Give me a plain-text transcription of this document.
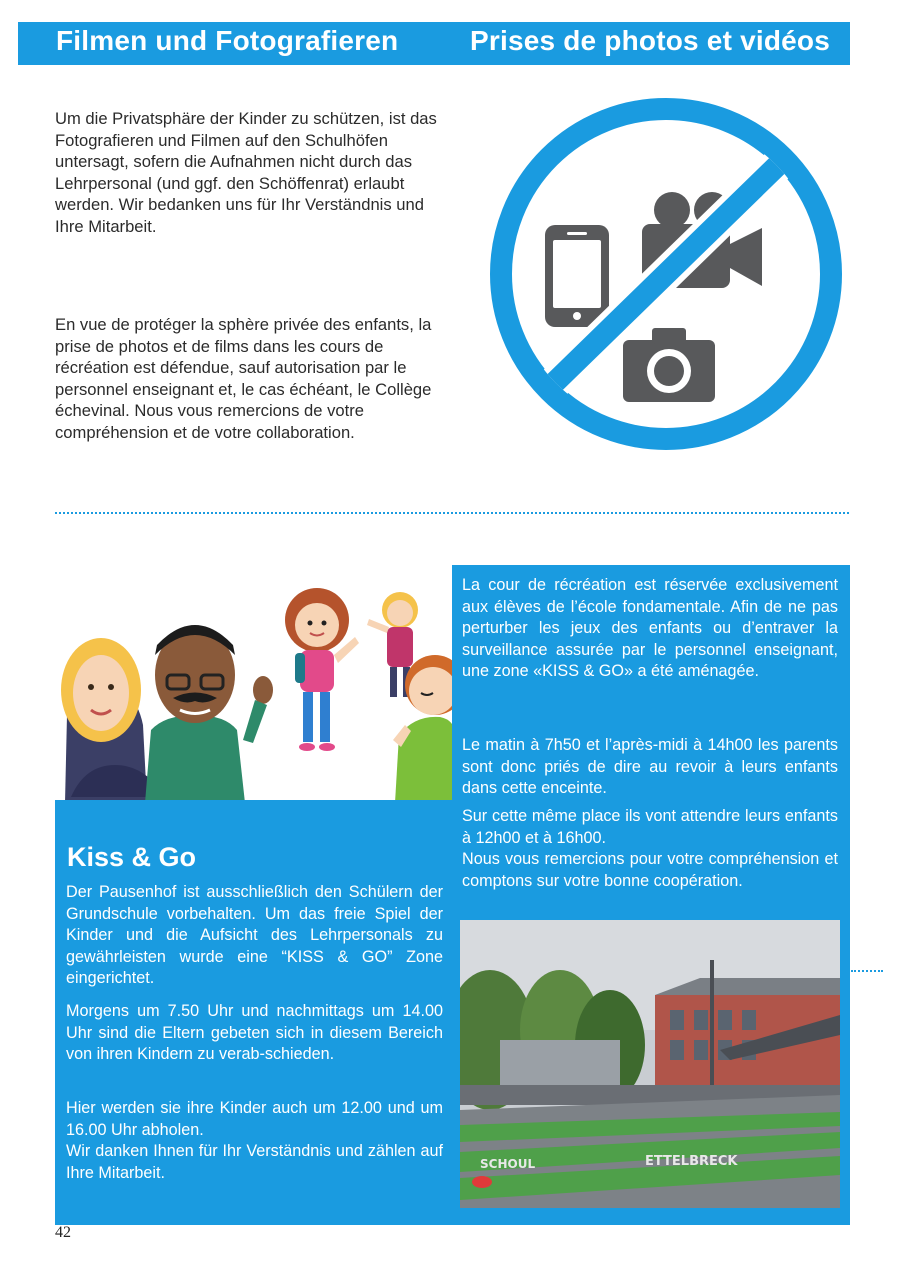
Filmen und Fotografieren	Prises de photos et vidéos

Um die Privatsphäre der Kinder zu schützen, ist das Fotografieren und Filmen auf den Schulhöfen untersagt, sofern die Aufnahmen nicht durch das Lehrpersonal (und ggf. den Schöffenrat) erlaubt werden. Wir bedanken uns für Ihr Verständnis und Ihre Mitarbeit.

En vue de protéger la sphère privée des enfants, la prise de photos et de films dans les cours de récréation est défendue, sauf autorisation par le personnel enseignant et, le cas échéant, le Collège échevinal. Nous vous remercions de votre compréhension et de votre collaboration.

Kiss & Go

Der Pausenhof ist ausschließlich den Schülern der Grundschule vorbehalten. Um das freie Spiel der Kinder und die Aufsicht des Lehrpersonals zu gewährleisten wurde eine “KISS & GO” Zone eingerichtet.

Morgens um 7.50 Uhr und nachmittags um 14.00 Uhr sind die Eltern gebeten sich in diesem Bereich von ihren Kindern zu verab-schieden.

Hier werden sie ihre Kinder auch um 12.00 und um 16.00 Uhr abholen.
Wir danken Ihnen für Ihr Verständnis und zählen auf Ihre Mitarbeit.

La cour de récréation est réservée exclusivement aux élèves de l’école fondamentale. Afin de ne pas perturber les jeux des enfants ou d’entraver la surveillance assurée par le personnel enseignant, une zone «KISS & GO» a été aménagée.

Le matin à 7h50 et l’après-midi à 14h00 les parents sont donc priés de dire au revoir à leurs enfants dans cette enceinte.

Sur cette même place ils vont attendre leurs enfants à 12h00 et à 16h00.
Nous vous remercions pour votre compréhension et comptons sur votre bonne coopération.
SCHOUL	ETTELBRECK
42
